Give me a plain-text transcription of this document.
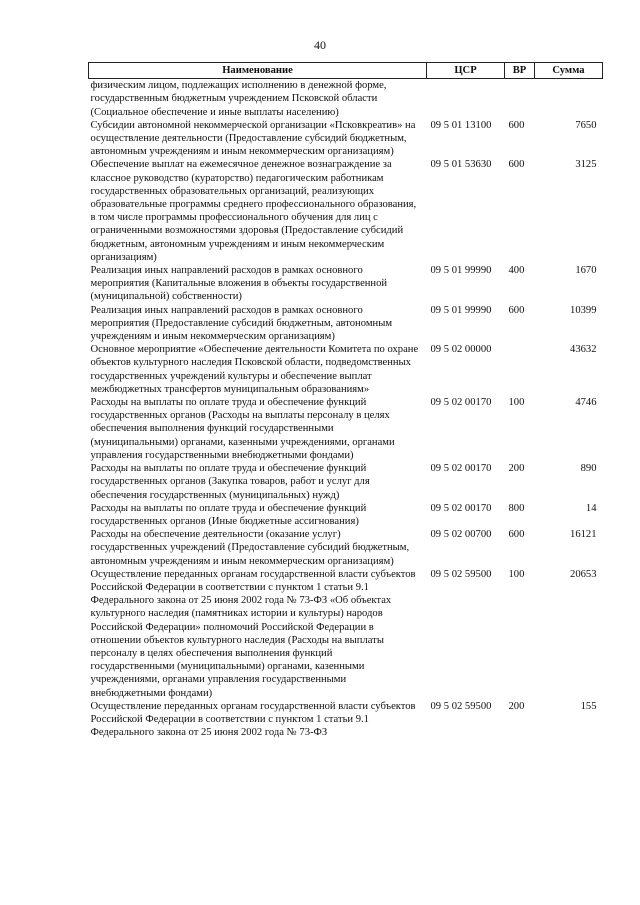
40
Наименование	ЦСР	ВР	Сумма
физическим лицом, подлежащих исполнению в денежной форме, государственным бюджетным учреждением Псковской области (Социальное обеспечение и иные выплаты населению)			
Субсидии автономной некоммерческой организации «Псковкреатив» на осуществление деятельности (Предоставление субсидий бюджетным, автономным учреждениям и иным некоммерческим организациям)	09 5 01 13100	600	7650
Обеспечение выплат на ежемесячное денежное вознаграждение за классное руководство (кураторство) педагогическим работникам государственных образовательных организаций, реализующих образовательные программы среднего профессионального образования, в том числе программы профессионального обучения для лиц с ограниченными возможностями здоровья (Предоставление субсидий бюджетным, автономным учреждениям и иным некоммерческим организациям)	09 5 01 53630	600	3125
Реализация иных направлений расходов в рамках основного мероприятия (Капитальные вложения в объекты государственной (муниципальной) собственности)	09 5 01 99990	400	1670
Реализация иных направлений расходов в рамках основного мероприятия (Предоставление субсидий бюджетным, автономным учреждениям и иным некоммерческим организациям)	09 5 01 99990	600	10399
Основное мероприятие «Обеспечение деятельности Комитета по охране объектов культурного наследия Псковской области, подведомственных государственных учреждений культуры и обеспечение выплат межбюджетных трансфертов муниципальным образованиям»	09 5 02 00000		43632
Расходы на выплаты по оплате труда и обеспечение функций государственных органов (Расходы на выплаты персоналу в целях обеспечения выполнения функций государственными (муниципальными) органами, казенными учреждениями, органами управления государственными внебюджетными фондами)	09 5 02 00170	100	4746
Расходы на выплаты по оплате труда и обеспечение функций государственных органов (Закупка товаров, работ и услуг для обеспечения государственных (муниципальных) нужд)	09 5 02 00170	200	890
Расходы на выплаты по оплате труда и обеспечение функций государственных органов (Иные бюджетные ассигнования)	09 5 02 00170	800	14
Расходы на обеспечение деятельности (оказание услуг) государственных учреждений (Предоставление субсидий бюджетным, автономным учреждениям и иным некоммерческим организациям)	09 5 02 00700	600	16121
Осуществление переданных органам государственной власти субъектов Российской Федерации в соответствии с пунктом 1 статьи 9.1 Федерального закона от 25 июня 2002 года № 73-ФЗ «Об объектах культурного наследия (памятниках истории и культуры) народов Российской Федерации» полномочий Российской Федерации в отношении объектов культурного наследия (Расходы на выплаты персоналу в целях обеспечения выполнения функций государственными (муниципальными) органами, казенными учреждениями, органами управления государственными внебюджетными фондами)	09 5 02 59500	100	20653
Осуществление переданных органам государственной власти субъектов Российской Федерации в соответствии с пунктом 1 статьи 9.1 Федерального закона от 25 июня 2002 года № 73-ФЗ	09 5 02 59500	200	155
